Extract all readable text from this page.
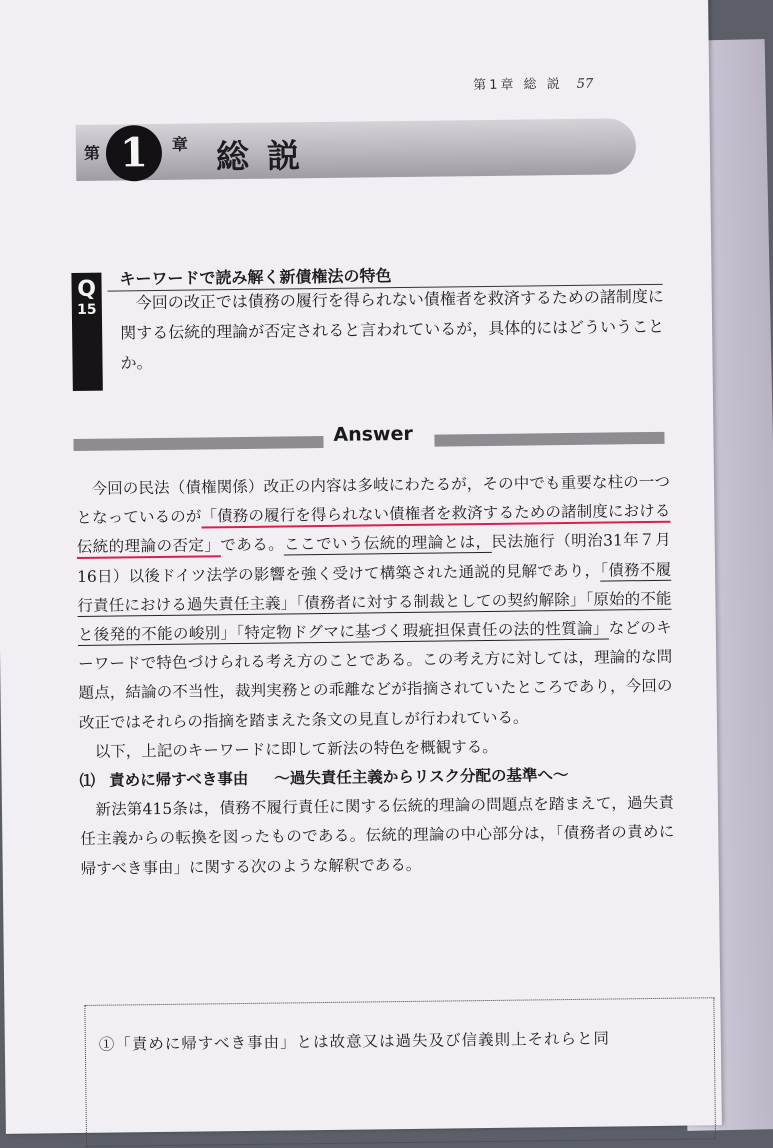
第1章 総 説 57
第 1	章 総説
Q
15
キーワードで読み解く新債権法の特色
今回の改正では債務の履行を得られない債権者を救済するための諸制度に関する伝統的理論が否定されると言われているが，具体的にはどういうことか。
Answer

今回の民法（債権関係）改正の内容は多岐にわたるが，その中でも重要な柱の一つとなっているのが「債務の履行を得られない債権者を救済するための諸制度における伝統的理論の否定」である。ここでいう伝統的理論とは，民法施行（明治31年７月16日）以後ドイツ法学の影響を強く受けて構築された通説的見解であり，「債務不履行責任における過失責任主義」「債務者に対する制裁としての契約解除」「原始的不能と後発的不能の峻別」「特定物ドグマに基づく瑕疵担保責任の法的性質論」などのキーワードで特色づけられる考え方のことである。この考え方に対しては，理論的な問題点，結論の不当性，裁判実務との乖離などが指摘されていたところであり，今回の改正ではそれらの指摘を踏まえた条文の見直しが行われている。

以下，上記のキーワードに即して新法の特色を概観する。

⑴ 責めに帰すべき事由 〜過失責任主義からリスク分配の基準へ〜

新法第415条は，債務不履行責任に関する伝統的理論の問題点を踏まえて，過失責任主義からの転換を図ったものである。伝統的理論の中心部分は，「債務者の責めに帰すべき事由」に関する次のような解釈である。

①「責めに帰すべき事由」とは故意又は過失及び信義則上それらと同
